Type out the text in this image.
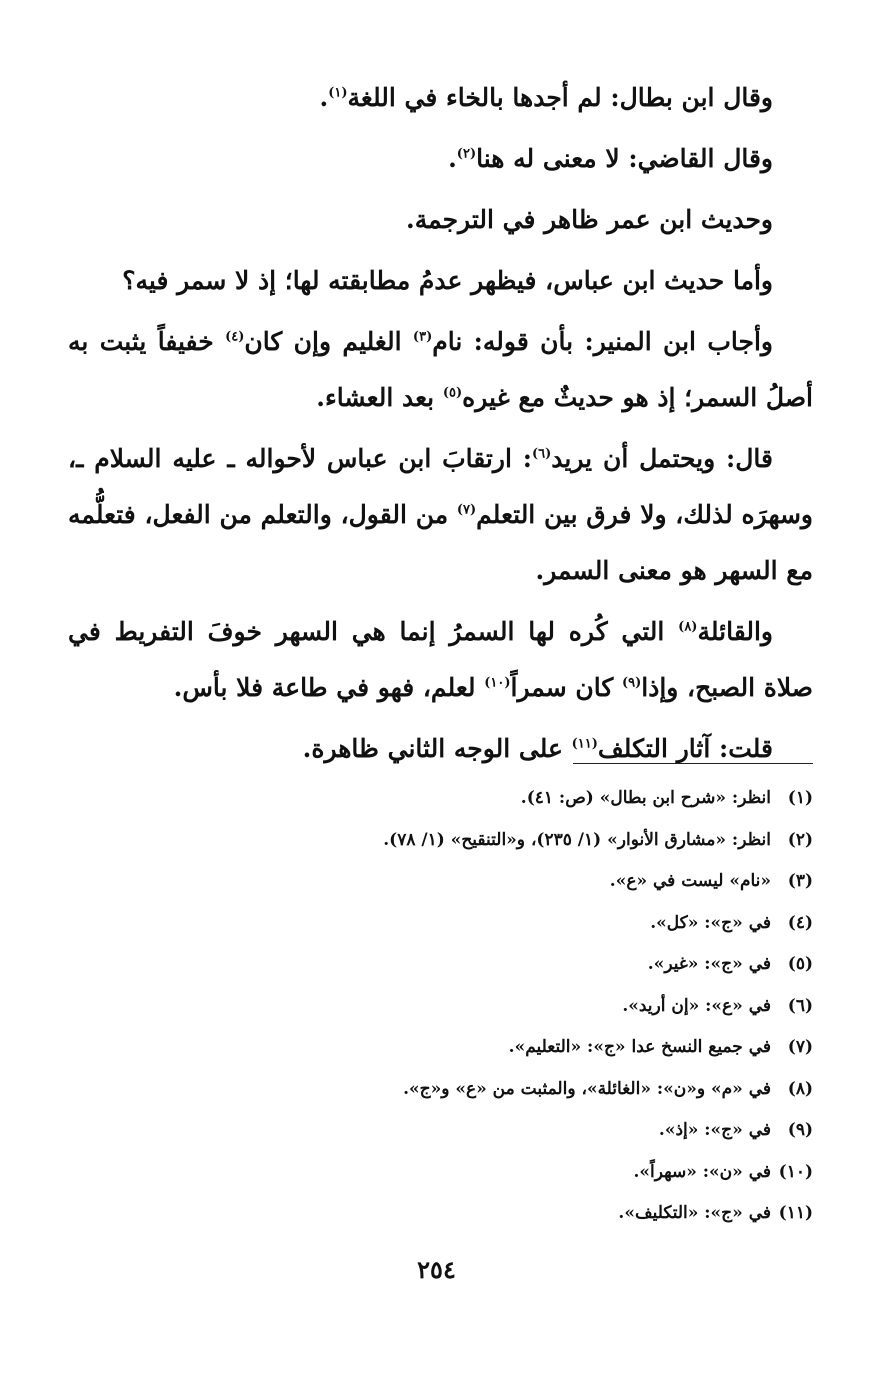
وقال ابن بطال: لم أجدها بالخاء في اللغة$^{(١)}$.

وقال القاضي: لا معنى له هنا$^{(٢)}$.

وحديث ابن عمر ظاهر في الترجمة.

وأما حديث ابن عباس، فيظهر عدمُ مطابقته لها؛ إذ لا سمر فيه؟

وأجاب ابن المنير: بأن قوله: نام$^{(٣)}$ الغليم وإن كان$^{(٤)}$ خفيفاً يثبت به أصلُ السمر؛ إذ هو حديثٌ مع غيره$^{(٥)}$ بعد العشاء.

قال: ويحتمل أن يريد$^{(٦)}$: ارتقابَ ابن عباس لأحواله ـ عليه السلام ـ، وسهرَه لذلك، ولا فرق بين التعلم$^{(٧)}$ من القول، والتعلم من الفعل، فتعلُّمه مع السهر هو معنى السمر.

والقائلة$^{(٨)}$ التي كُره لها السمرُ إنما هي السهر خوفَ التفريط في صلاة الصبح، وإذا$^{(٩)}$ كان سمراً$^{(١٠)}$ لعلم، فهو في طاعة فلا بأس.

قلت: آثار التكلف$^{(١١)}$ على الوجه الثاني ظاهرة.

(١)انظر: «شرح ابن بطال» (ص: ٤١).
(٢)انظر: «مشارق الأنوار» (١/ ٢٣٥)، و«التنقيح» (١/ ٧٨).
(٣)«نام» ليست في «ع».
(٤)في «ج»: «كل».
(٥)في «ج»: «غير».
(٦)في «ع»: «إن أريد».
(٧)في جميع النسخ عدا «ج»: «التعليم».
(٨)في «م» و«ن»: «الغائلة»، والمثبت من «ع» و«ج».
(٩)في «ج»: «إذ».
(١٠)في «ن»: «سهراً».
(١١)في «ج»: «التكليف».
٢٥٤
